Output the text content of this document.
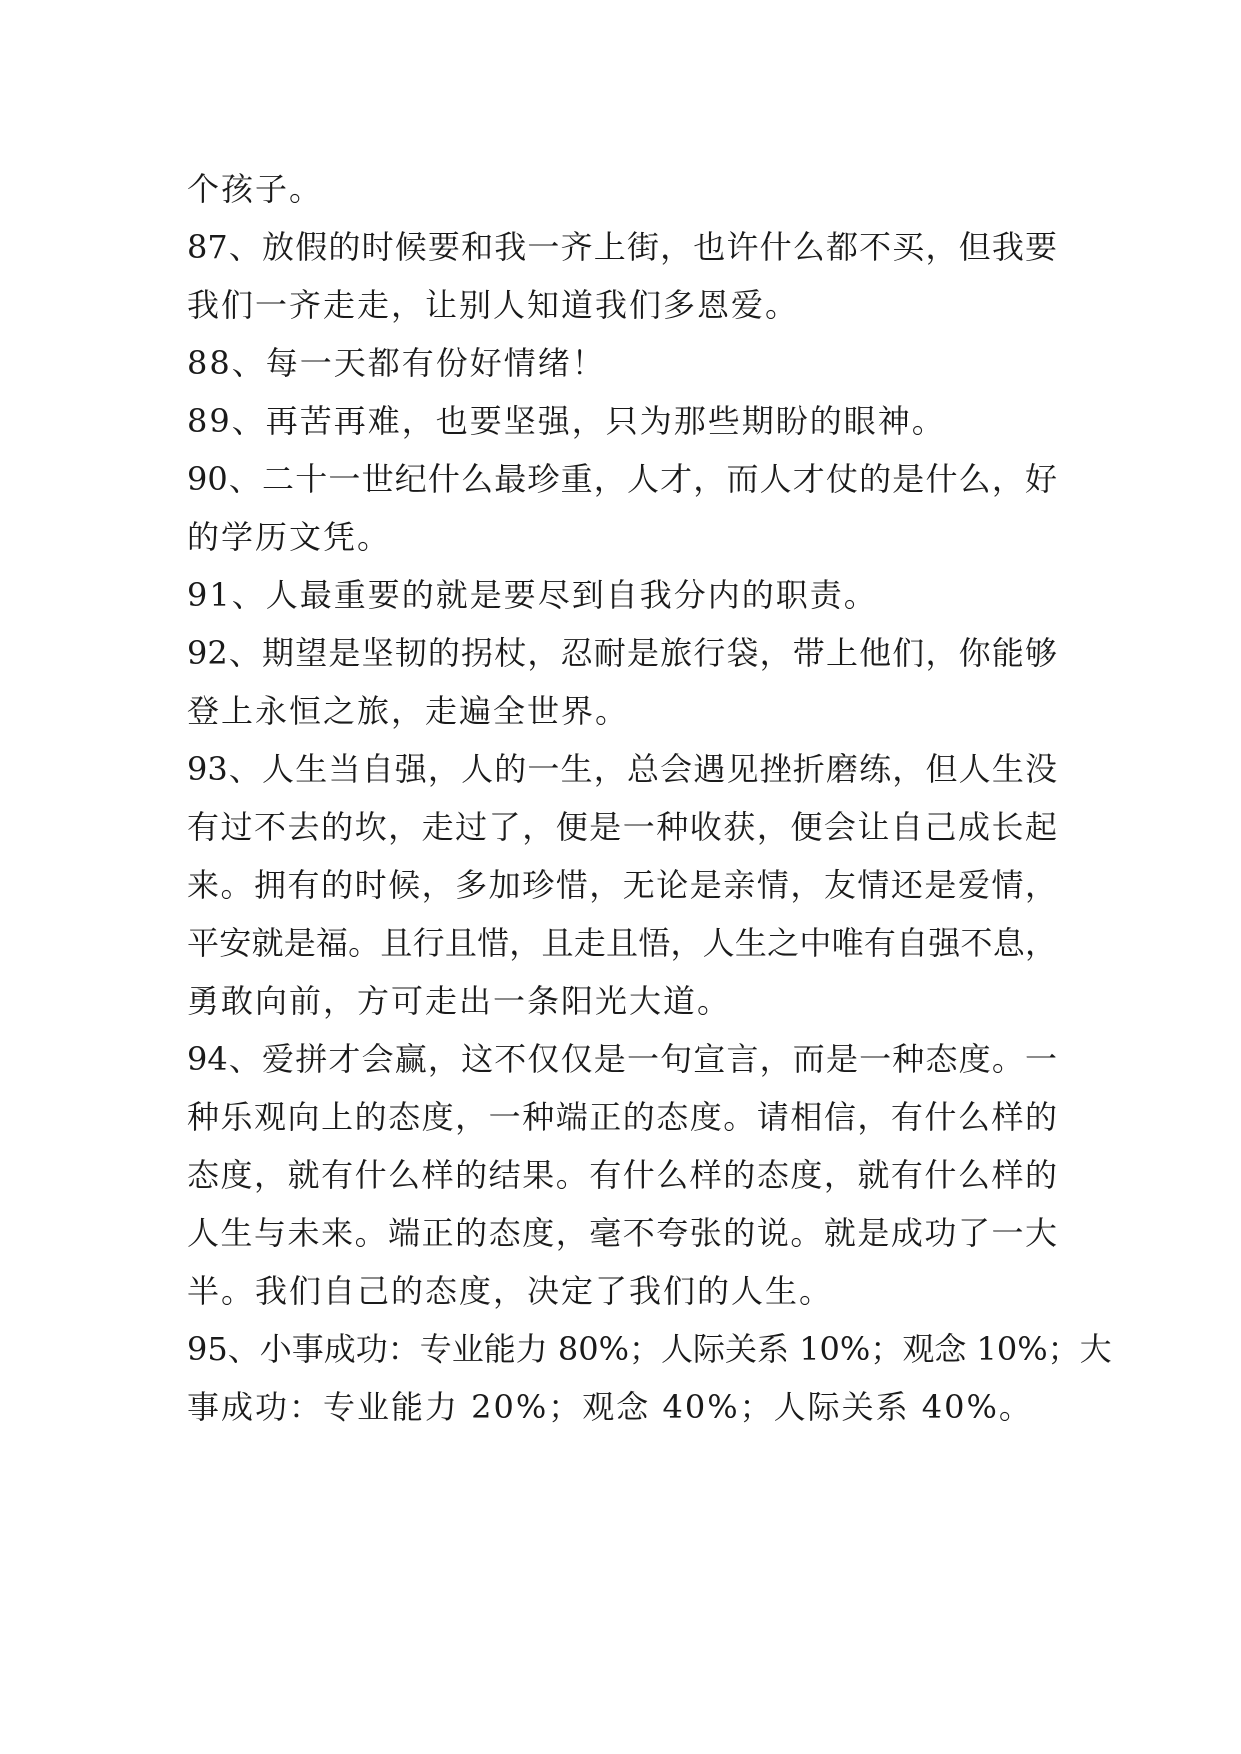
个孩子。
87、放假的时候要和我一齐上街，也许什么都不买，但我要
我们一齐走走，让别人知道我们多恩爱。
88、每一天都有份好情绪！
89、再苦再难，也要坚强，只为那些期盼的眼神。
90、二十一世纪什么最珍重，人才，而人才仗的是什么，好
的学历文凭。
91、人最重要的就是要尽到自我分内的职责。
92、期望是坚韧的拐杖，忍耐是旅行袋，带上他们，你能够
登上永恒之旅，走遍全世界。
93、人生当自强，人的一生，总会遇见挫折磨练，但人生没
有过不去的坎，走过了，便是一种收获，便会让自己成长起
来。拥有的时候，多加珍惜，无论是亲情，友情还是爱情，
平安就是福。且行且惜，且走且悟，人生之中唯有自强不息，
勇敢向前，方可走出一条阳光大道。
94、爱拼才会赢，这不仅仅是一句宣言，而是一种态度。一
种乐观向上的态度，一种端正的态度。请相信，有什么样的
态度，就有什么样的结果。有什么样的态度，就有什么样的
人生与未来。端正的态度，毫不夸张的说。就是成功了一大
半。我们自己的态度，决定了我们的人生。
95、小事成功：专业能力 80%；人际关系 10%；观念 10%；大
事成功：专业能力 20%；观念 40%；人际关系 40%。
